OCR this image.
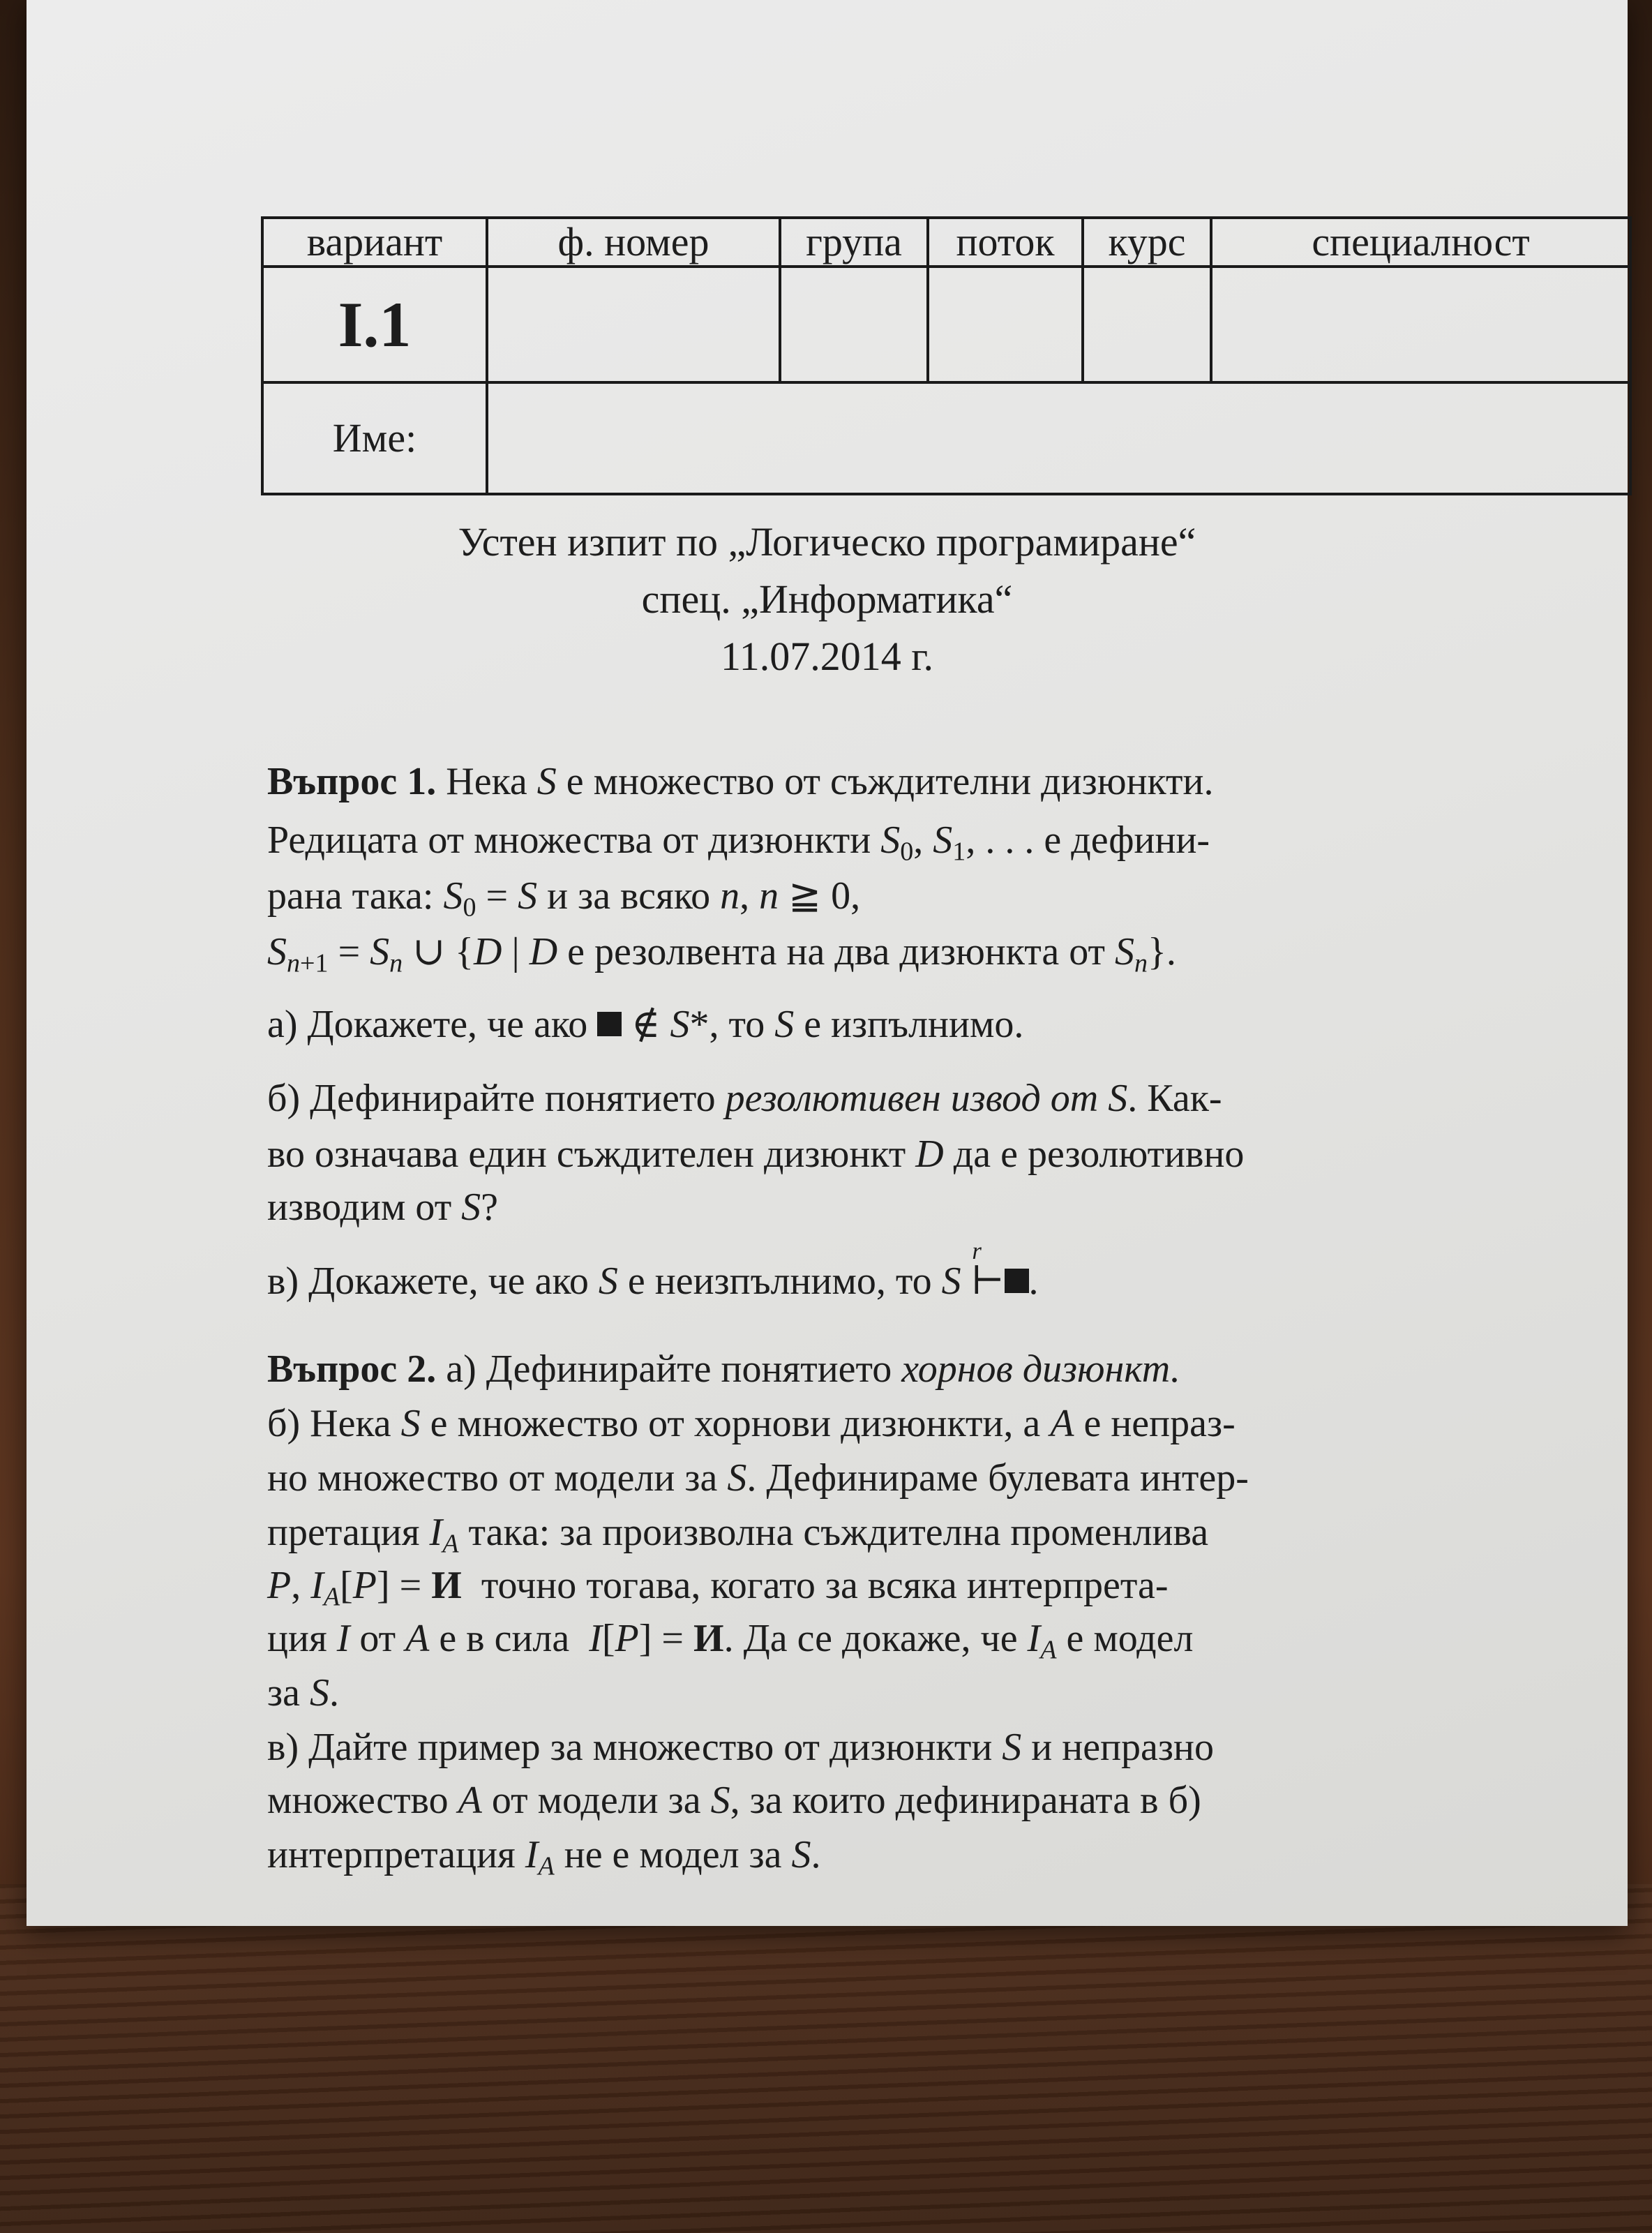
вариант	ф. номер	група	поток	курс	специалност
I.1
Име:
Устен изпит по „Логическо програмиране“
спец. „Информатика“
11.07.2014 г.
Въпрос 1. Нека S е множество от съждителни дизюнкти.
Редицата от множества от дизюнкти $S_0$, $S_1$, . . . е дефини-
рана така: $S_0 = S$ и за всяко n, n ≧ 0,
$Sn_{+1} = Sn$ ∪ {D | D е резолвента на два дизюнкта от Sn}.
а) Докажете, че ако  ∉ S*, то S е изпълнимо.
б) Дефинирайте понятието резолютивен извод от S. Как-
во означава един съждителен дизюнкт D да е резолютивно
изводим от S?
в) Докажете, че ако S е неизпълнимо, то S ⊢
r
.
Въпрос 2. а) Дефинирайте понятието хорнов дизюнкт.
б) Нека S е множество от хорнови дизюнкти, а A е непраз-
но множество от модели за S. Дефинираме булевата интер-
претация IA така: за произволна съждителна променлива
P, IA[P] = И  точно тогава, когато за всяка интерпрета-
ция I от A е в сила  I[P] = И. Да се докаже, че IA е модел
за S.
в) Дайте пример за множество от дизюнкти S и непразно
множество A от модели за S, за които дефинираната в б)
интерпретация IA не е модел за S.
